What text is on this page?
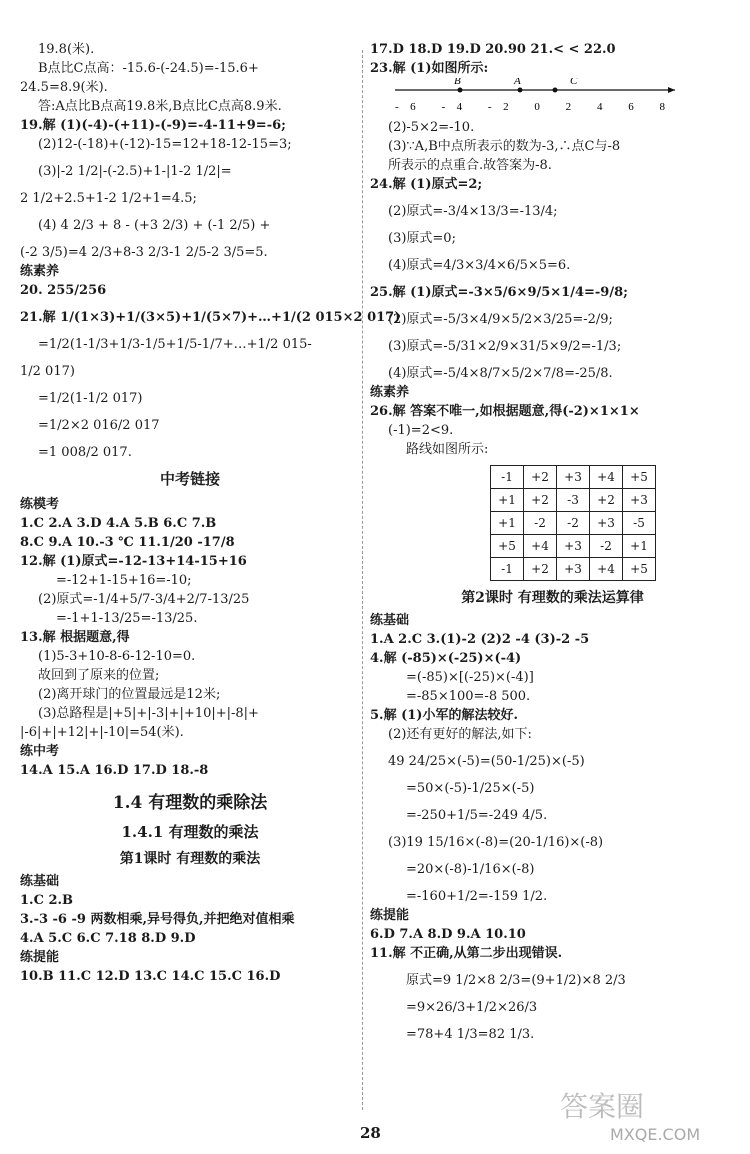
19.8(米).
B点比C点高：-15.6-(-24.5)=-15.6+
24.5=8.9(米).
答:A点比B点高19.8米,B点比C点高8.9米.
19.解 (1)(-4)-(+11)-(-9)=-4-11+9=-6;
(2)12-(-18)+(-12)-15=12+18-12-15=3;
(3)|-2 1/2|-(-2.5)+1-|1-2 1/2|=
2 1/2+2.5+1-2 1/2+1=4.5;
(4) 4 2/3 + 8 - (+3 2/3) + (-1 2/5) +
(-2 3/5)=4 2/3+8-3 2/3-1 2/5-2 3/5=5.
练素养
20. 255/256
21.解 1/(1×3)+1/(3×5)+1/(5×7)+…+1/(2 015×2 017)
=1/2(1-1/3+1/3-1/5+1/5-1/7+…+1/2 015-
1/2 017)
=1/2(1-1/2 017)
=1/2×2 016/2 017
=1 008/2 017.
中考链接
练模考
1.C 2.A 3.D 4.A 5.B 6.C 7.B
8.C 9.A 10.-3 ℃ 11.1/20 -17/8
12.解 (1)原式=-12-13+14-15+16
=-12+1-15+16=-10;
(2)原式=-1/4+5/7-3/4+2/7-13/25
=-1+1-13/25=-13/25.
13.解 根据题意,得
(1)5-3+10-8-6-12-10=0.
故回到了原来的位置;
(2)离开球门的位置最远是12米;
(3)总路程是|+5|+|-3|+|+10|+|-8|+
|-6|+|+12|+|-10|=54(米).
练中考
14.A 15.A 16.D 17.D 18.-8
1.4 有理数的乘除法
1.4.1 有理数的乘法
第1课时 有理数的乘法
练基础
1.C 2.B
3.-3 -6 -9 两数相乘,异号得负,并把绝对值相乘
4.A 5.C 6.C 7.18 8.D 9.D
练提能
10.B 11.C 12.D 13.C 14.C 15.C 16.D
17.D 18.D 19.D 20.90 21.< < 22.0
23.解 (1)如图所示:
B	A	C
-6 -4 -2 0 2 4 6 8
(2)-5×2=-10.
(3)∵A,B中点所表示的数为-3,∴点C与-8
所表示的点重合.故答案为-8.
24.解 (1)原式=2;
(2)原式=-3/4×13/3=-13/4;
(3)原式=0;
(4)原式=4/3×3/4×6/5×5=6.
25.解 (1)原式=-3×5/6×9/5×1/4=-9/8;
(2)原式=-5/3×4/9×5/2×3/25=-2/9;
(3)原式=-5/31×2/9×31/5×9/2=-1/3;
(4)原式=-5/4×8/7×5/2×7/8=-25/8.
练素养
26.解 答案不唯一,如根据题意,得(-2)×1×1×
(-1)=2<9.
路线如图所示:
-1	+2	+3	+4	+5
+1	+2	-3	+2	+3
+1	-2	-2	+3	-5
+5	+4	+3	-2	+1
-1	+2	+3	+4	+5
第2课时 有理数的乘法运算律
练基础
1.A 2.C 3.(1)-2 (2)2 -4 (3)-2 -5
4.解 (-85)×(-25)×(-4)
=(-85)×[(-25)×(-4)]
=-85×100=-8 500.
5.解 (1)小军的解法较好.
(2)还有更好的解法,如下:
49 24/25×(-5)=(50-1/25)×(-5)
=50×(-5)-1/25×(-5)
=-250+1/5=-249 4/5.
(3)19 15/16×(-8)=(20-1/16)×(-8)
=20×(-8)-1/16×(-8)
=-160+1/2=-159 1/2.
练提能
6.D 7.A 8.D 9.A 10.10
11.解 不正确,从第二步出现错误.
原式=9 1/2×8 2/3=(9+1/2)×8 2/3
=9×26/3+1/2×26/3
=78+4 1/3=82 1/3.
28
答案圈
MXQE.COM
